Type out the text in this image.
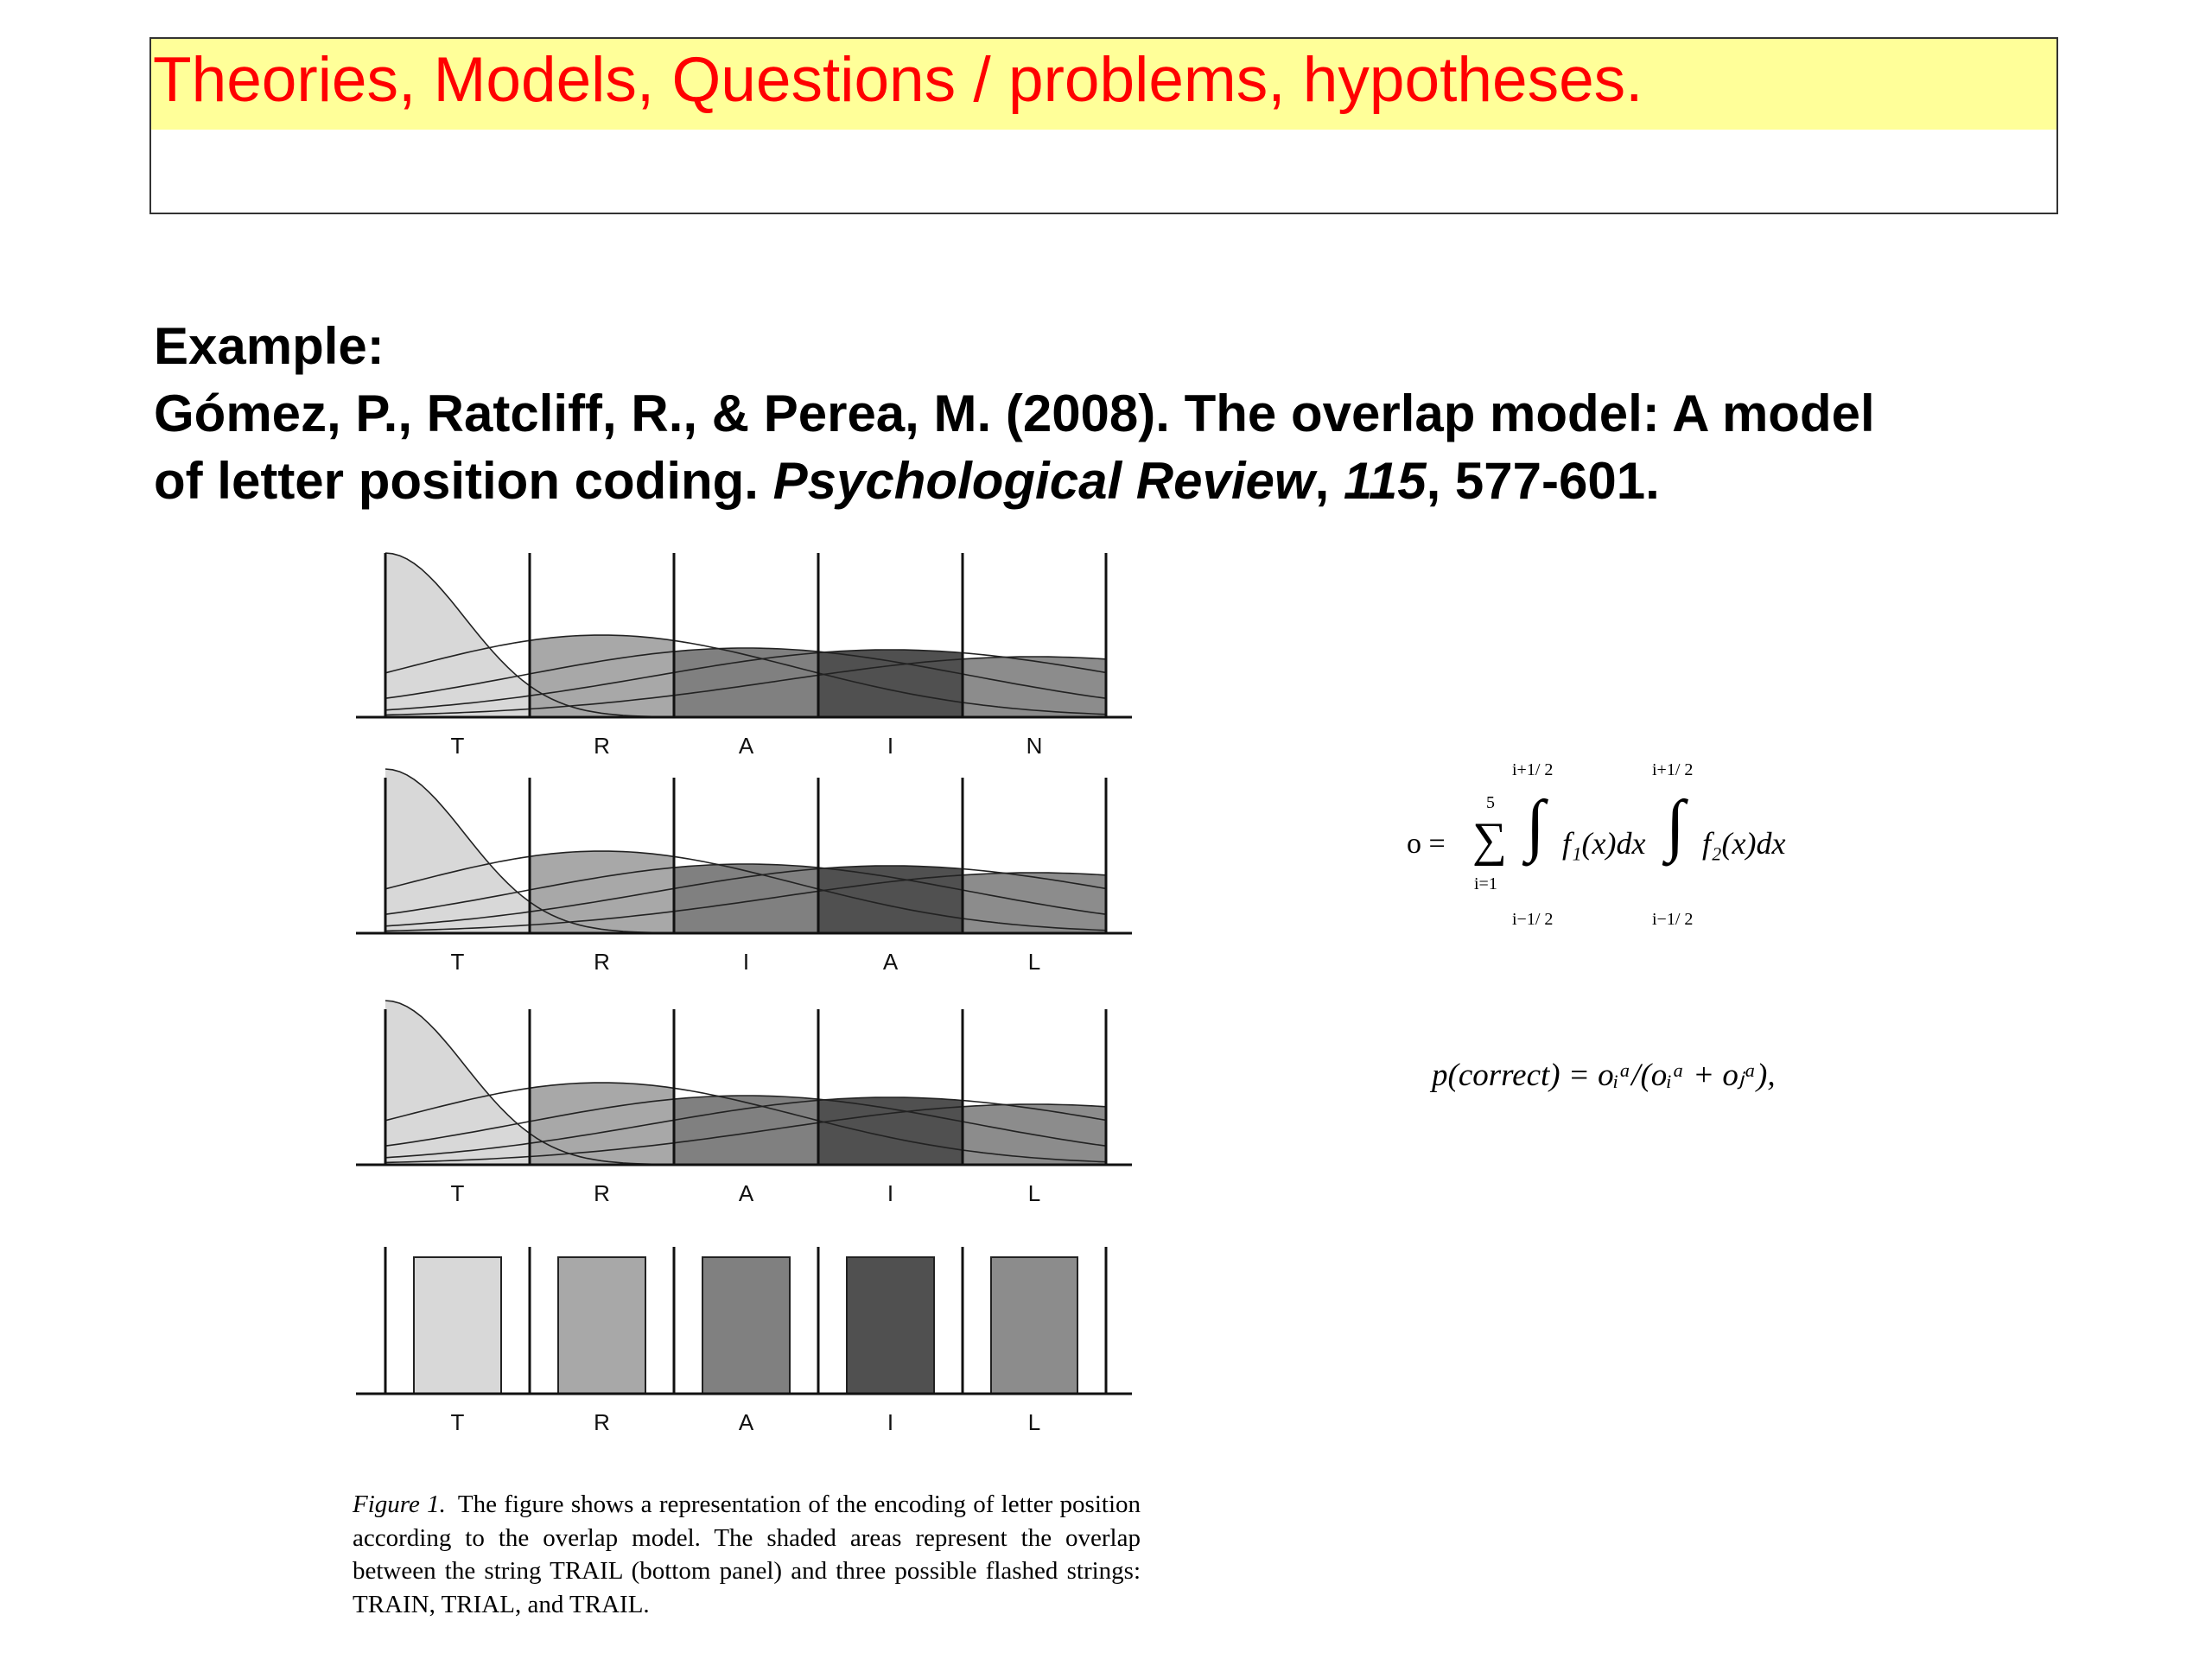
Theories, Models, Questions / problems, hypotheses.
Example:
Gómez, P., Ratcliff, R., & Perea, M. (2008). The overlap model: A model of letter position coding. Psychological Review, 115, 577-601.
T	R	A	I	N
T	R	I	A	L
T	R	A	I	L
T	R	A	I	L
Figure 1. The figure shows a representation of the encoding of letter position according to the overlap model. The shaded areas represent the overlap between the string TRAIL (bottom panel) and three possible flashed strings: TRAIN, TRIAL, and TRAIL.
o =
5
∑
i=1
i+1/ 2
∫
i−1/ 2
f₁(x)dx
i+1/ 2
∫
i−1/ 2
f₂(x)dx
p(correct) = oᵢᵃ/(oᵢᵃ + oⱼᵃ),
